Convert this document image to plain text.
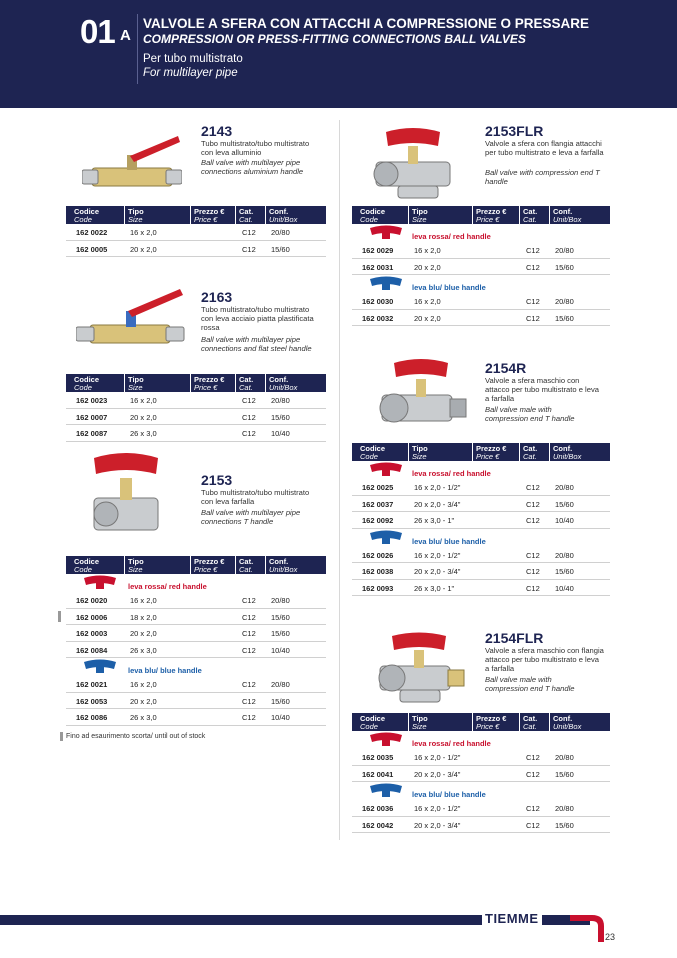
01 A
VALVOLE A SFERA CON ATTACCHI A COMPRESSIONE O PRESSARE
COMPRESSION OR PRESS-FITTING CONNECTIONS BALL VALVES
Per tubo multistrato
For multilayer pipe
2143
Tubo multistrato/tubo multistrato con leva alluminio
Ball valve with multilayer pipe connections aluminium handle
Codice
Code
Tipo
Size
Prezzo €
Price €
Cat.
Cat.
Conf.
Unit/Box
162 0022	16 x 2,0	C12 20/80
162 0005	20 x 2,0	C12 15/60
2163
Tubo multistrato/tubo multistrato con leva acciaio piatta plastificata rossa
Ball valve with multilayer pipe connections and flat steel handle
Codice
Code
Tipo
Size
Prezzo €
Price €
Cat.
Cat.
Conf.
Unit/Box
162 0023	16 x 2,0	C12 20/80
162 0007	20 x 2,0	C12 15/60
162 0087	26 x 3,0	C12 10/40
2153
Tubo multistrato/tubo multistrato con leva farfalla
Ball valve with multilayer pipe connections T handle
Codice
Code
Tipo
Size
Prezzo €
Price €
Cat.
Cat.
Conf.
Unit/Box
leva rossa/ red handle
162 0020	16 x 2,0	C12 20/80
162 0006	18 x 2,0	C12 15/60
162 0003	20 x 2,0	C12 15/60
162 0084	26 x 3,0	C12 10/40
leva blu/ blue handle
162 0021	16 x 2,0	C12 20/80
162 0053	20 x 2,0	C12 15/60
162 0086	26 x 3,0	C12 10/40
Fino ad esaurimento scorta/ until out of stock
2153FLR
Valvole a sfera con flangia attacchi per tubo multistrato e leva a farfalla
Ball valve with compression end T handle
Codice
Code
Tipo
Size
Prezzo €
Price €
Cat.
Cat.
Conf.
Unit/Box
leva rossa/ red handle
162 0029	16 x 2,0	C12 20/80
162 0031	20 x 2,0	C12 15/60
leva blu/ blue handle
162 0030	16 x 2,0	C12 20/80
162 0032	20 x 2,0	C12 15/60
2154R
Valvole a sfera maschio con attacco per tubo multistrato e leva a farfalla
Ball valve male with compression end T handle
Codice
Code
Tipo
Size
Prezzo €
Price €
Cat.
Cat.
Conf.
Unit/Box
leva rossa/ red handle
162 0025	16 x 2,0 - 1/2"	C12 20/80
162 0037	20 x 2,0 - 3/4"	C12 15/60
162 0092	26 x 3,0 - 1"	C12 10/40
leva blu/ blue handle
162 0026	16 x 2,0 - 1/2"	C12 20/80
162 0038	20 x 2,0 - 3/4"	C12 15/60
162 0093	26 x 3,0 - 1"	C12 10/40
2154FLR
Valvole a sfera maschio con flangia attacco per tubo multistrato e leva a farfalla
Ball valve male with compression end T handle
Codice
Code
Tipo
Size
Prezzo €
Price €
Cat.
Cat.
Conf.
Unit/Box
leva rossa/ red handle
162 0035	16 x 2,0 - 1/2"	C12 20/80
162 0041	20 x 2,0 - 3/4"	C12 15/60
leva blu/ blue handle
162 0036	16 x 2,0 - 1/2"	C12 20/80
162 0042	20 x 2,0 - 3/4"	C12 15/60
TIEMME
23
